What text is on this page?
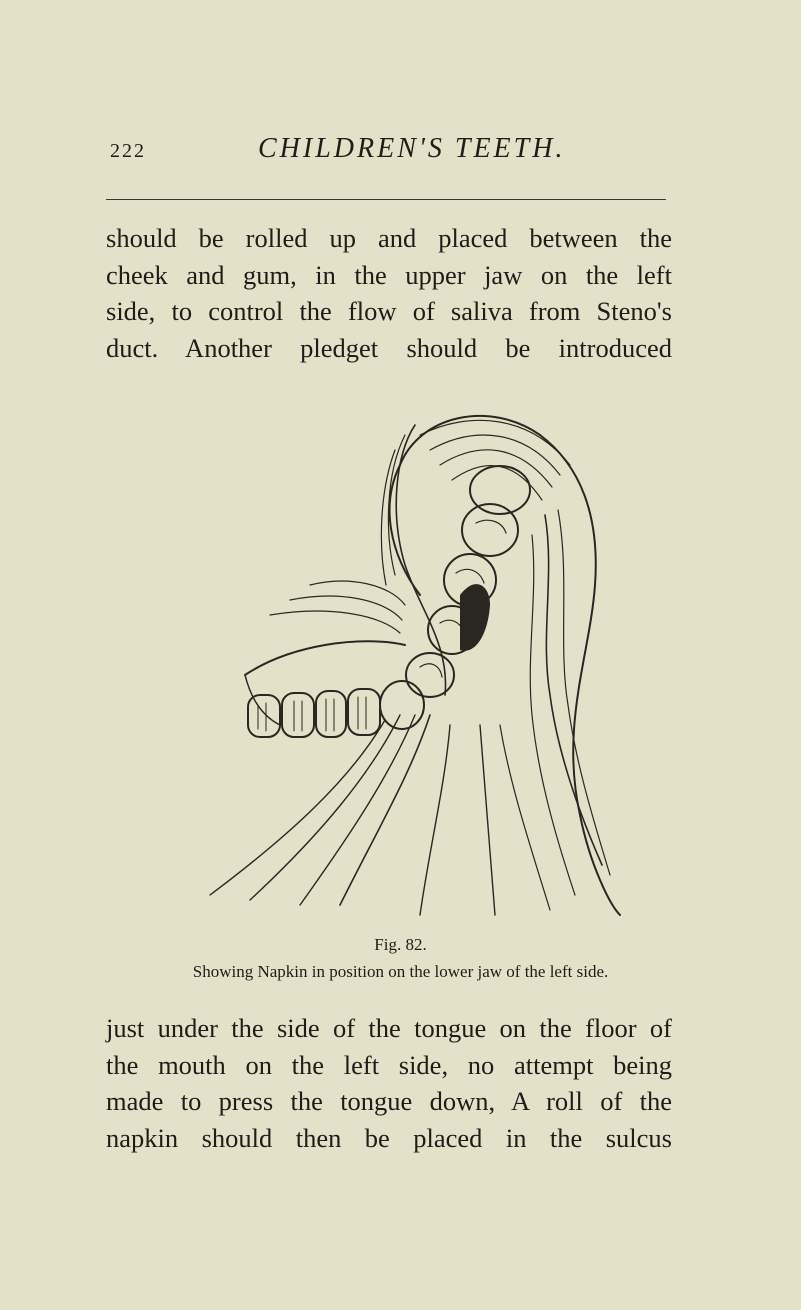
222	CHILDREN'S TEETH.

should be rolled up and placed between the
cheek and gum, in the upper jaw on the left
side, to control the flow of saliva from Steno's
duct. Another pledget should be introduced

Fig. 82.
Showing Napkin in position on the lower jaw of the left side.

just under the side of the tongue on the floor of
the mouth on the left side, no attempt being
made to press the tongue down, A roll of the
napkin should then be placed in the sulcus
